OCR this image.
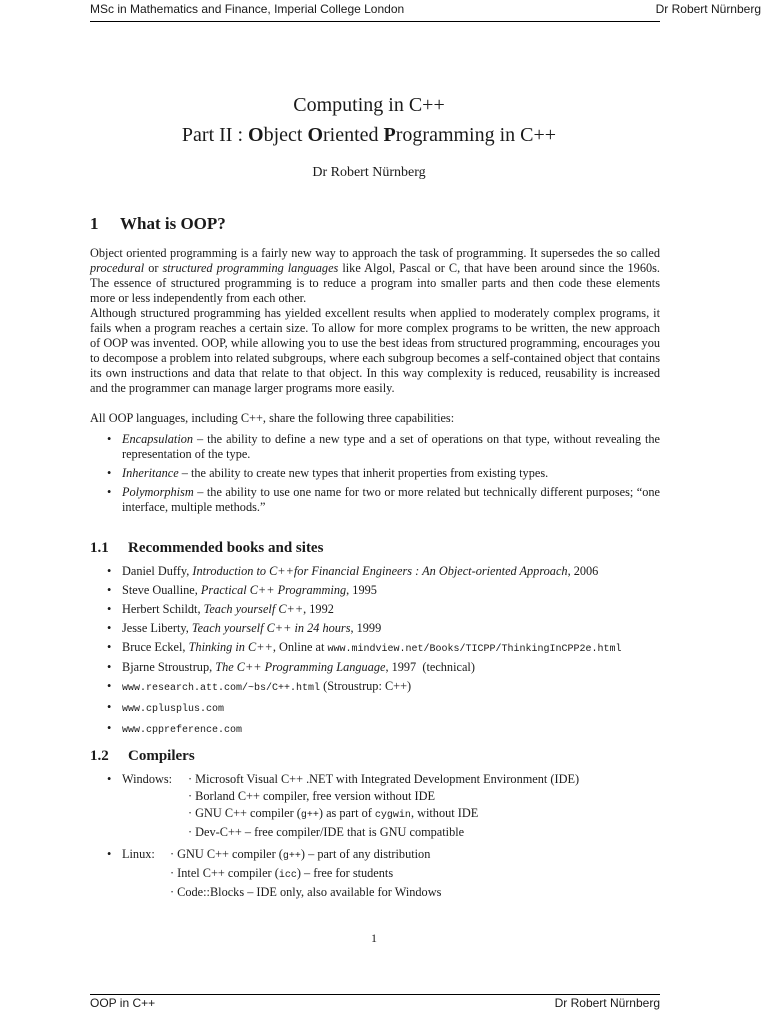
MSc in Mathematics and Finance, Imperial College London	Dr Robert Nürnberg
Computing in C++
Part II : Object Oriented Programming in C++
Dr Robert Nürnberg
1 What is OOP?

Object oriented programming is a fairly new way to approach the task of programming. It supersedes the so called procedural or structured programming languages like Algol, Pascal or C, that have been around since the 1960s. The essence of structured programming is to reduce a program into smaller parts and then code these elements more or less independently from each other.

Although structured programming has yielded excellent results when applied to moderately complex programs, it fails when a program reaches a certain size. To allow for more complex programs to be written, the new approach of OOP was invented. OOP, while allowing you to use the best ideas from structured programming, encourages you to decompose a problem into related subgroups, where each subgroup becomes a self-contained object that contains its own instructions and data that relate to that object. In this way complexity is reduced, reusability is increased and the programmer can manage larger programs more easily.

All OOP languages, including C++, share the following three capabilities:

• Encapsulation – the ability to define a new type and a set of operations on that type, without revealing the representation of the type.
• Inheritance – the ability to create new types that inherit properties from existing types.
• Polymorphism – the ability to use one name for two or more related but technically different purposes; “one interface, multiple methods.”
1.1 Recommended books and sites
• Daniel Duffy, Introduction to C++for Financial Engineers : An Object-oriented Approach, 2006
• Steve Oualline, Practical C++ Programming, 1995
• Herbert Schildt, Teach yourself C++, 1992
• Jesse Liberty, Teach yourself C++ in 24 hours, 1999
• Bruce Eckel, Thinking in C++, Online at www.mindview.net/Books/TICPP/ThinkingInCPP2e.html
• Bjarne Stroustrup, The C++ Programming Language, 1997  (technical)
• www.research.att.com/~bs/C++.html (Stroustrup: C++)
• www.cplusplus.com
• www.cppreference.com
1.2 Compilers
• Windows: · Microsoft Visual C++ .NET with Integrated Development Environment (IDE)
· Borland C++ compiler, free version without IDE
· GNU C++ compiler (g++) as part of cygwin, without IDE
· Dev-C++ – free compiler/IDE that is GNU compatible
• Linux: · GNU C++ compiler (g++) – part of any distribution
· Intel C++ compiler (icc) – free for students
· Code::Blocks – IDE only, also available for Windows
1
OOP in C++	Dr Robert Nürnberg
